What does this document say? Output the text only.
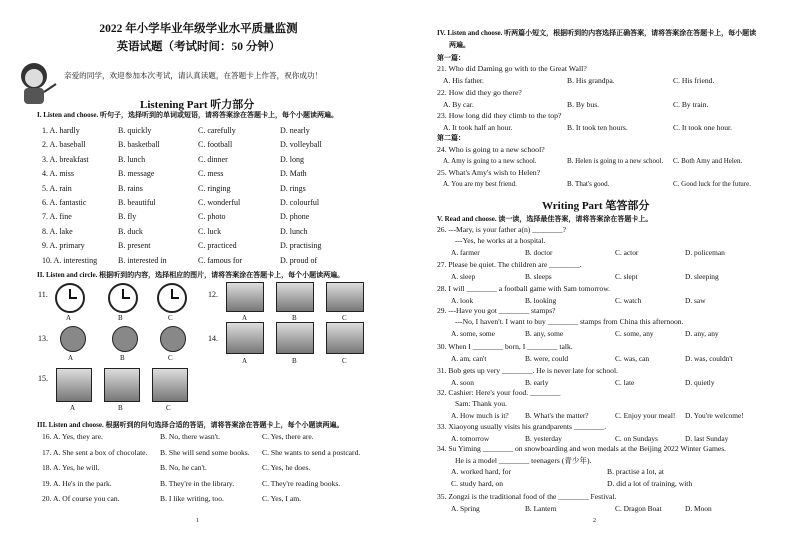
2022 年小学毕业年级学业水平质量监测
英语试题（考试时间：50 分钟）
亲爱的同学，欢迎参加本次考试，请认真读题，在答题卡上作答，祝你成功！
Listening Part 听力部分
I. Listen and choose. 听句子，选择听到的单词或短语，请将答案涂在答题卡上，每个小题读两遍。
1. A. hardly	B. quickly	C. carefully	D. nearly
2. A. baseball	B. basketball	C. football	D. volleyball
3. A. breakfast	B. lunch	C. dinner	D. long
4. A. miss	B. message	C. mess	D. Math
5. A. rain	B. rains	C. ringing	D. rings
6. A. fantastic	B. beautiful	C. wonderful	D. colourful
7. A. fine	B. fly	C. photo	D. phone
8. A. lake	B. duck	C. luck	D. lunch
9. A. primary	B. present	C. practiced	D. practising
10. A. interesting	B. interested in	C. famous for	D. proud of
II. Listen and circle. 根据听到的内容，选择相应的图片，请将答案涂在答题卡上，每个小题读两遍。
11.
A	B	C
12.
A	B	C
13.
A	B	C
14.
A	B	C
15.
A	B	C
III. Listen and choose. 根据听到的问句选择合适的答语，请将答案涂在答题卡上，每个小题读两遍。
16. A. Yes, they are.	B. No, there wasn't.	C. Yes, there are.
17. A. She sent a box of chocolate. B. She will send some books. C. She wants to send a postcard.
18. A. Yes, he will.	B. No, he can't.	C. Yes, he does.
19. A. He's in the park.	B. They're in the library.	C. They're reading books.
20. A. Of course you can.	B. I like writing, too.	C. Yes, I am.
1
IV. Listen and choose. 听两篇小短文，根据听到的内容选择正确答案，请将答案涂在答题卡上，每小题读
两遍。
第一篇：
第二篇：
21. Who did Daming go with to the Great Wall?
A. His father.	B. His grandpa.	C. His friend.
22. How did they go there?
A. By car.	B. By bus.	C. By train.
23. How long did they climb to the top?
A. It took half an hour.	B. It took ten hours.	C. It took one hour.
24. Who is going to a new school?
A. Amy is going to a new school.	B. Helen is going to a new school. C. Both Amy and Helen.
25. What's Amy's wish to Helen?
A. You are my best friend.	B. That's good.	C. Good luck for the future.
Writing Part 笔答部分
V. Read and choose. 读一读，选择最佳答案，请将答案涂在答题卡上。
26. ---Mary, is your father a(n) ________?
---Yes, he works at a hospital.
A. farmer	B. doctor	C. actor	D. policeman
27. Please be quiet. The children are ________.
A. sleep	B. sleeps	C. slept	D. sleeping
28. I will ________ a football game with Sam tomorrow.
A. look	B. looking	C. watch	D. saw
29. ---Have you got ________ stamps?
---No, I haven't. I want to buy ________ stamps from China this afternoon.
A. some, some	B. any, some	C. some, any	D. any, any
30. When I ________ born, I ________ talk.
A. am, can't	B. were, could	C. was, can	D. was, couldn't
31. Bob gets up very ________. He is never late for school.
A. soon	B. early	C. late	D. quietly
32. Cashier: Here's your food. ________
Sam: Thank you.
A. How much is it? B. What's the matter?	C. Enjoy your meal! D. You're welcome!
33. Xiaoyong usually visits his grandparents ________.
A. tomorrow	B. yesterday	C. on Sundays	D. last Sunday
34. Su Yiming ________ on snowboarding and won medals at the Beijing 2022 Winter Games.
He is a model ________ teenagers (青少年).
A. worked hard, for	B. practise a lot, at
C. study hard, on	D. did a lot of training, with
35. Zongzi is the traditional food of the ________ Festival.
A. Spring	B. Lantern	C. Dragon Boat	D. Moon
2
